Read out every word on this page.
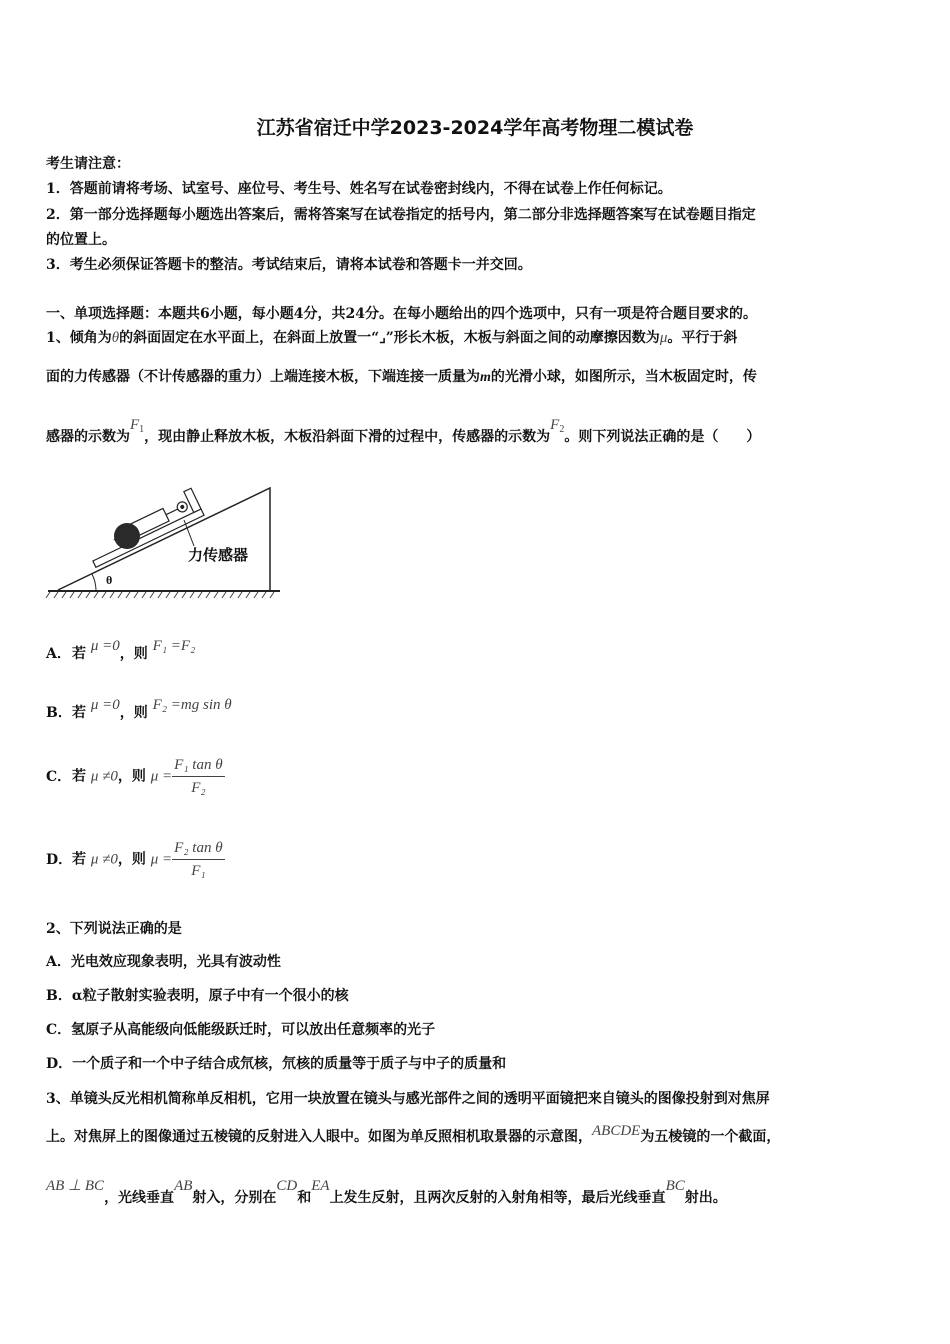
江苏省宿迁中学2023-2024学年高考物理二模试卷
考生请注意：
1．答题前请将考场、试室号、座位号、考生号、姓名写在试卷密封线内，不得在试卷上作任何标记。
2．第一部分选择题每小题选出答案后，需将答案写在试卷指定的括号内，第二部分非选择题答案写在试卷题目指定
的位置上。
3．考生必须保证答题卡的整洁。考试结束后，请将本试卷和答题卡一并交回。
一、单项选择题：本题共6小题，每小题4分，共24分。在每小题给出的四个选项中，只有一项是符合题目要求的。
1、倾角为θ的斜面固定在水平面上，在斜面上放置一“⌟”形长木板，木板与斜面之间的动摩擦因数为μ。平行于斜
面的力传感器（不计传感器的重力）上端连接木板，下端连接一质量为m的光滑小球，如图所示，当木板固定时，传
感器的示数为$F_1$，现由静止释放木板，木板沿斜面下滑的过程中，传感器的示数为$F_2$。则下列说法正确的是（　　）
力传感器
θ
A．若 μ =0，则 F₁ =F₂
B．若 μ =0，则 F₂ =mg sin θ
C．若 μ ≠0，则 $\mu = \frac{\text{F₁ tan θ}}{\text{F₂}}$
D．若 μ ≠0，则 $\mu = \frac{\text{F₂ tan θ}}{\text{F₁}}$
2、下列说法正确的是
A．光电效应现象表明，光具有波动性
B．α粒子散射实验表明，原子中有一个很小的核
C．氢原子从高能级向低能级跃迁时，可以放出任意频率的光子
D．一个质子和一个中子结合成氘核，氘核的质量等于质子与中子的质量和
3、单镜头反光相机简称单反相机，它用一块放置在镜头与感光部件之间的透明平面镜把来自镜头的图像投射到对焦屏
上。对焦屏上的图像通过五棱镜的反射进入人眼中。如图为单反照相机取景器的示意图，ABCDE为五棱镜的一个截面，
AB ⊥ BC，光线垂直AB射入，分别在CD和EA上发生反射，且两次反射的入射角相等，最后光线垂直BC射出。
